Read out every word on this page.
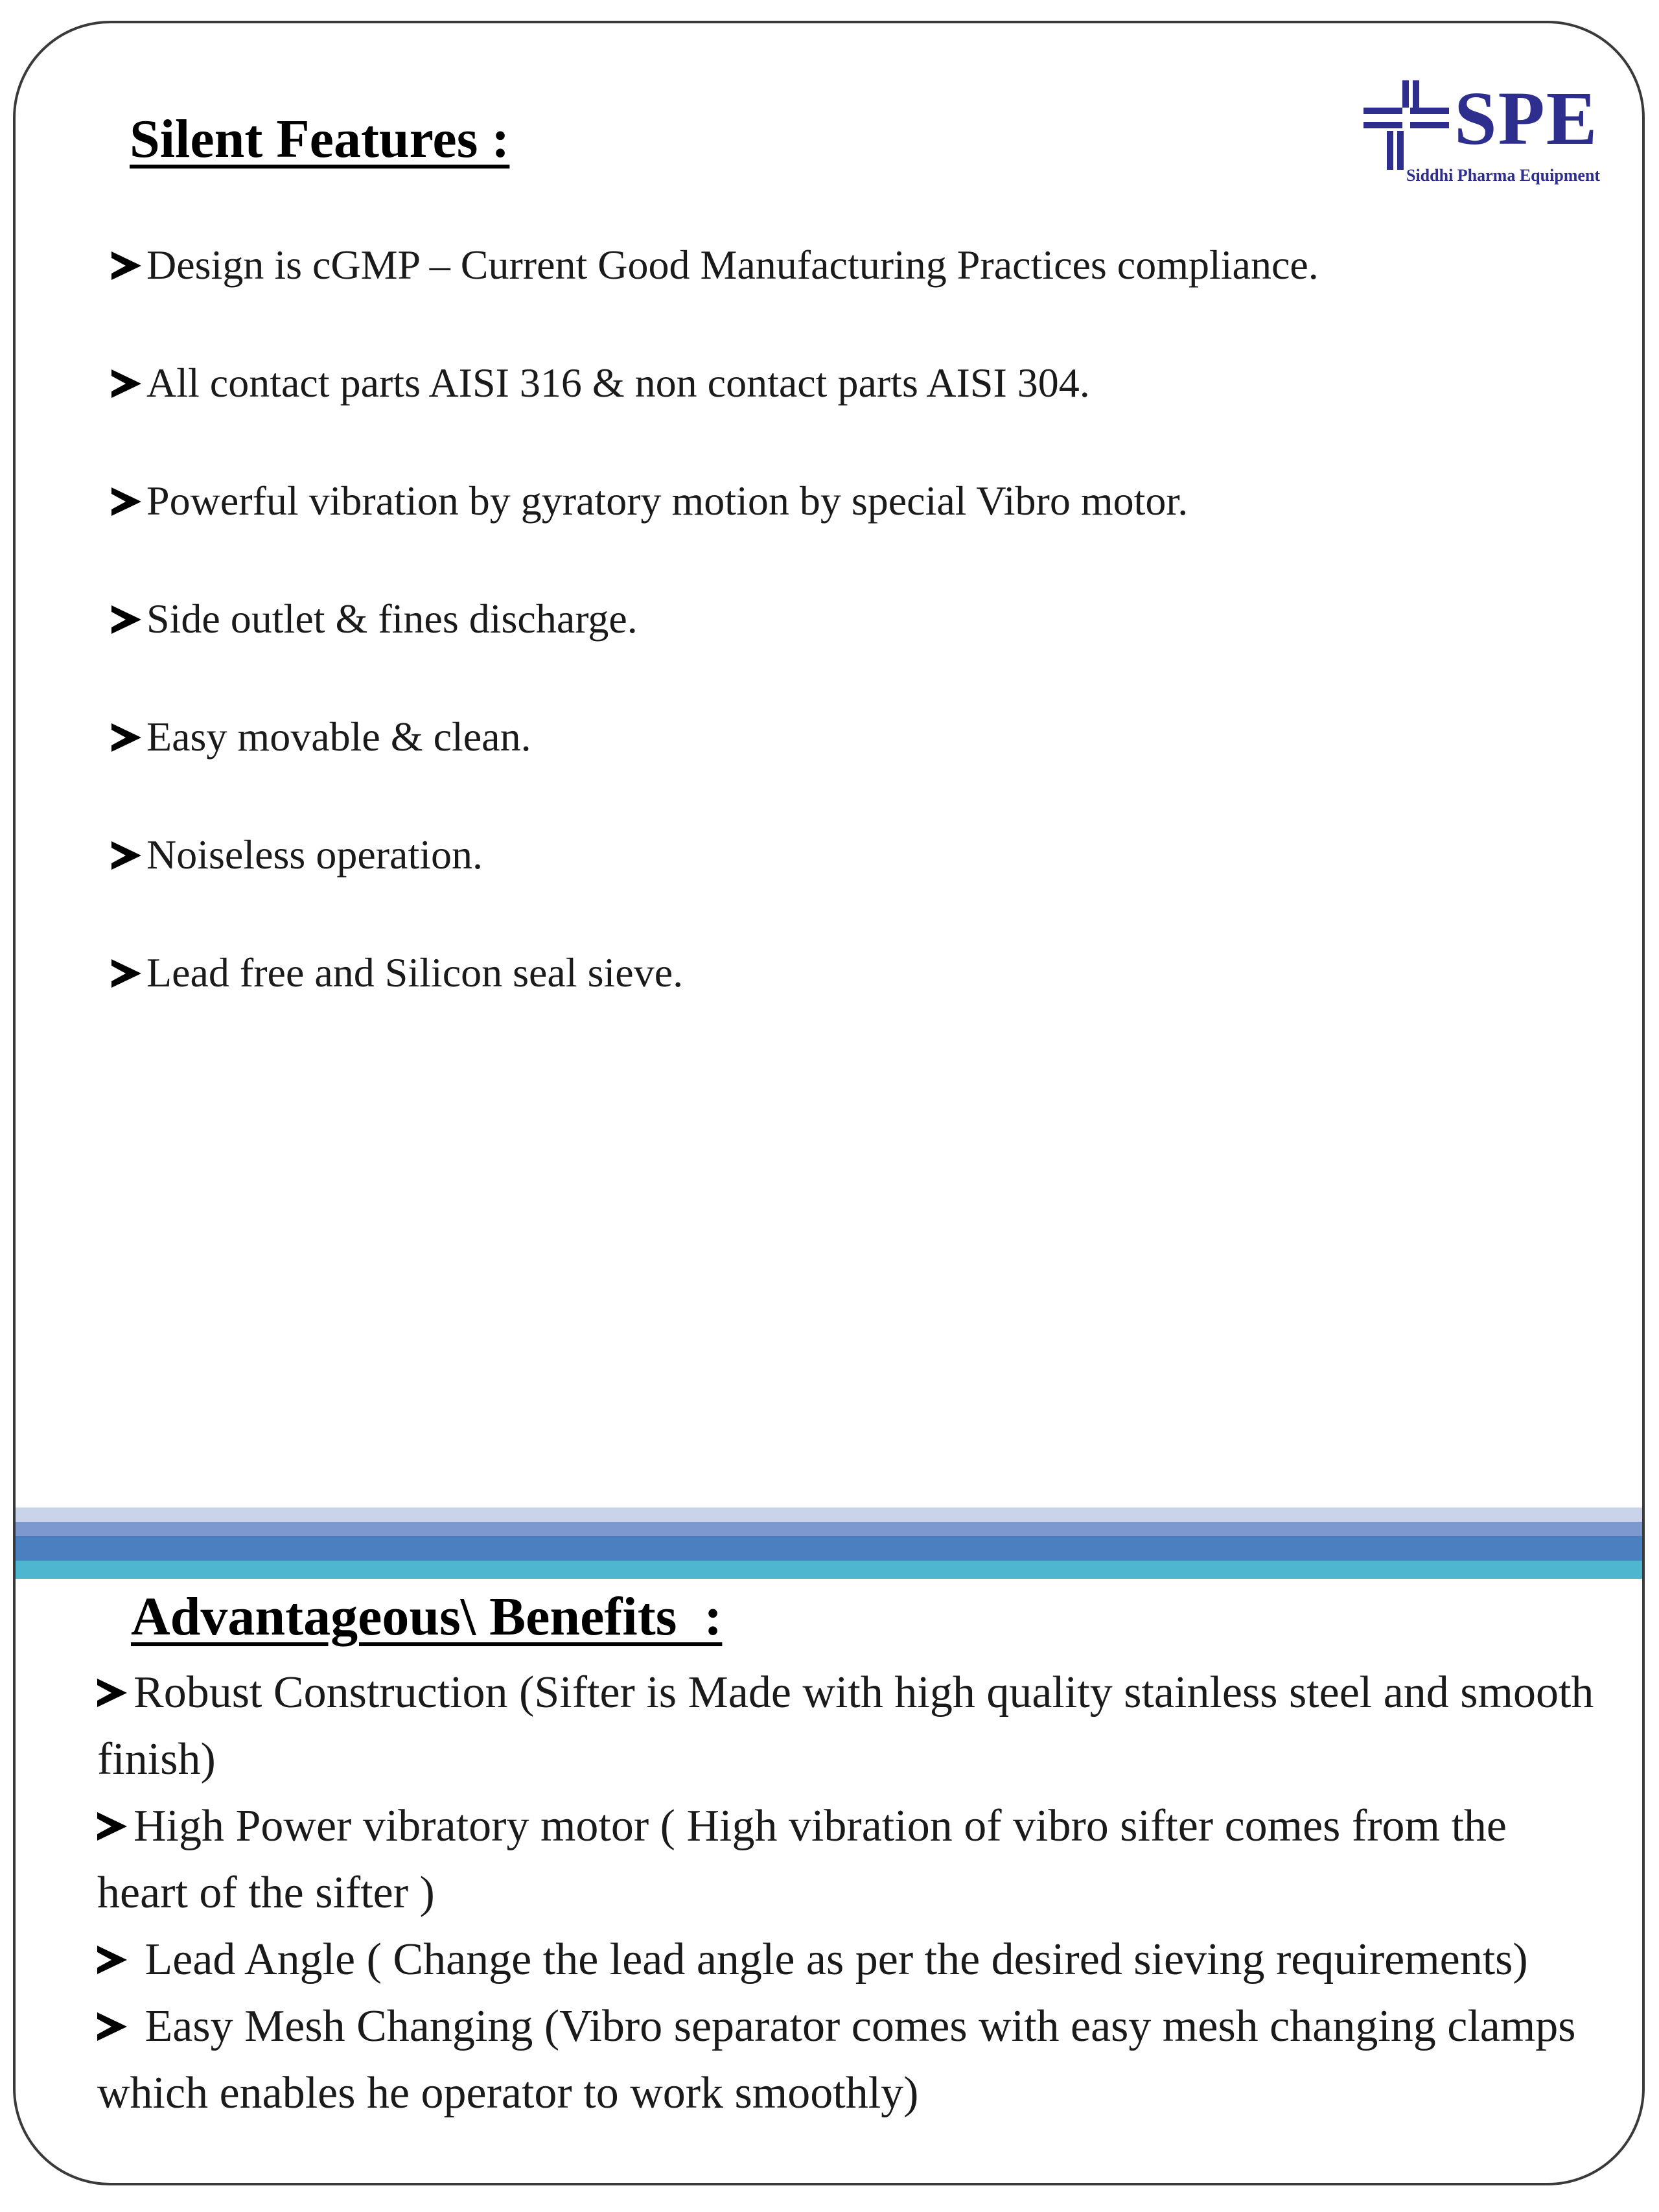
SPE
Siddhi Pharma Equipment
Silent Features :
Design is cGMP – Current Good Manufacturing Practices compliance.
All contact parts AISI 316 & non contact parts AISI 304.
Powerful vibration by gyratory motion by special Vibro motor.
Side outlet & fines discharge.
Easy movable & clean.
Noiseless operation.
Lead free and Silicon seal sieve.
Advantageous\ Benefits  :
Robust Construction (Sifter is Made with high quality stainless steel and smooth finish)
High Power vibratory motor ( High vibration of vibro sifter comes from the heart of the sifter )
Lead Angle ( Change the lead angle as per the desired sieving requirements)
Easy Mesh Changing (Vibro separator comes with easy mesh changing clamps which enables he operator to work smoothly)
